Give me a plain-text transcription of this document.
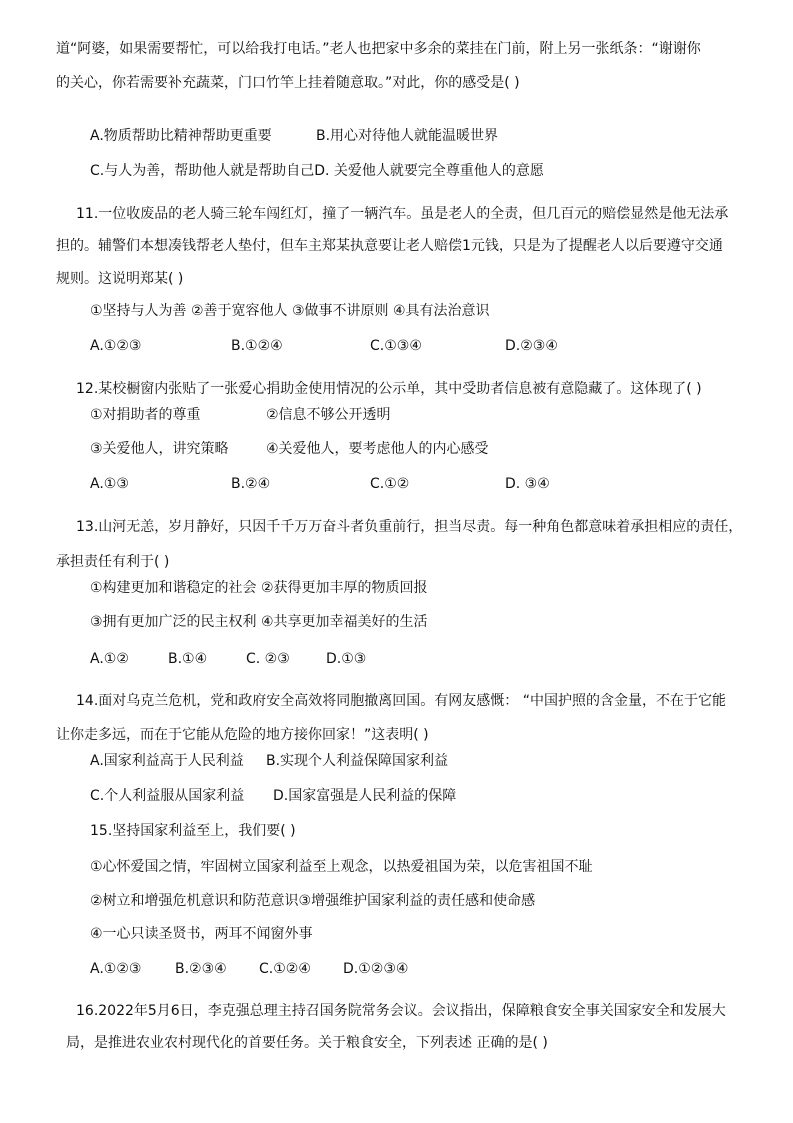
道“阿婆，如果需要帮忙，可以给我打电话。”老人也把家中多余的菜挂在门前，附上另一张纸条：“谢谢你
的关心，你若需要补充蔬菜，门口竹竿上挂着随意取。”对此，你的感受是( )
A.物质帮助比精神帮助更重要	B.用心对待他人就能温暖世界
C.与人为善，帮助他人就是帮助自己D. 关爱他人就要完全尊重他人的意愿
11.一位收废品的老人骑三轮车闯红灯，撞了一辆汽车。虽是老人的全责，但几百元的赔偿显然是他无法承
担的。辅警们本想凑钱帮老人垫付，但车主郑某执意要让老人赔偿1元钱，只是为了提醒老人以后要遵守交通
规则。这说明郑某( )
①坚持与人为善 ②善于宽容他人 ③做事不讲原则 ④具有法治意识
A.①②③	B.①②④	C.①③④	D.②③④
12.某校橱窗内张贴了一张爱心捐助金使用情况的公示单，其中受助者信息被有意隐藏了。这体现了( )
①对捐助者的尊重	②信息不够公开透明
③关爱他人，讲究策略	④关爱他人，要考虑他人的内心感受
A.①③	B.②④	C.①②	D. ③④
13.山河无恙，岁月静好，只因千千万万奋斗者负重前行，担当尽责。每一种角色都意味着承担相应的责任，
承担责任有利于( )
①构建更加和谐稳定的社会 ②获得更加丰厚的物质回报
③拥有更加广泛的民主权利 ④共享更加幸福美好的生活
A.①②	B.①④	C. ②③	D.①③
14.面对乌克兰危机，党和政府安全高效将同胞撤离回国。有网友感慨： “中国护照的含金量，不在于它能
让你走多远，而在于它能从危险的地方接你回家！”这表明( )
A.国家利益高于人民利益 B.实现个人利益保障国家利益
C.个人利益服从国家利益 D.国家富强是人民利益的保障
15.坚持国家利益至上，我们要( )
①心怀爱国之情，牢固树立国家利益至上观念，以热爱祖国为荣，以危害祖国不耻
②树立和增强危机意识和防范意识③增强维护国家利益的责任感和使命感
④一心只读圣贤书，两耳不闻窗外事
A.①②③ B.②③④ C.①②④ D.①②③④
16.2022年5月6日，李克强总理主持召国务院常务会议。会议指出，保障粮食安全事关国家安全和发展大
局，是推进农业农村现代化的首要任务。关于粮食安全，下列表述 正确的是( )
